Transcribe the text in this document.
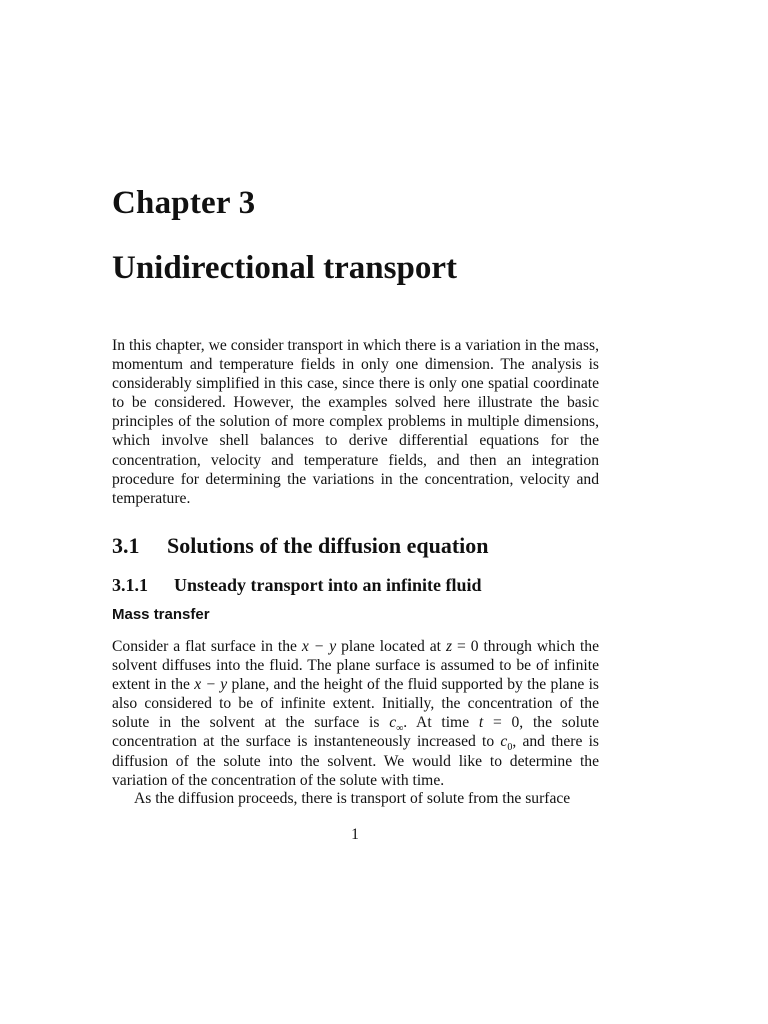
Chapter 3
Unidirectional transport

In this chapter, we consider transport in which there is a variation in the mass, momentum and temperature fields in only one dimension. The analysis is considerably simplified in this case, since there is only one spatial coordinate to be considered. However, the examples solved here illustrate the basic principles of the solution of more complex problems in multiple dimensions, which involve shell balances to derive differential equations for the concentration, velocity and temperature fields, and then an integration procedure for determining the variations in the concentration, velocity and temperature.

3.1 Solutions of the diffusion equation
3.1.1 Unsteady transport into an infinite fluid
Mass transfer

Consider a flat surface in the x − y plane located at z = 0 through which the solvent diffuses into the fluid. The plane surface is assumed to be of infinite extent in the x − y plane, and the height of the fluid supported by the plane is also considered to be of infinite extent. Initially, the concentration of the solute in the solvent at the surface is $c_\infty$. At time t = 0, the solute concentration at the surface is instanteneously increased to $c_0$, and there is diffusion of the solute into the solvent. We would like to determine the variation of the concentration of the solute with time.

As the diffusion proceeds, there is transport of solute from the surface

1
